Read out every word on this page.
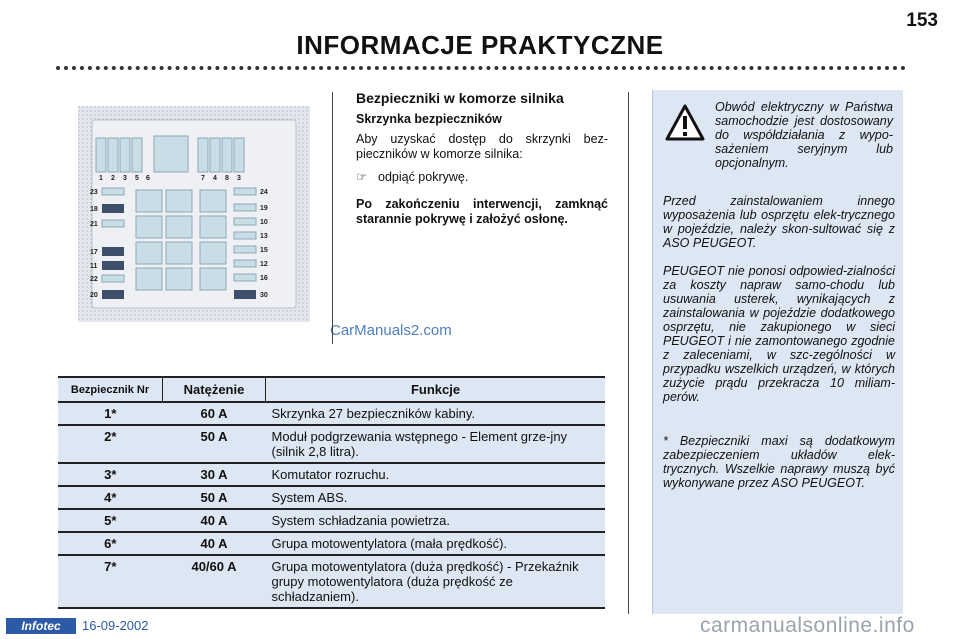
153
INFORMACJE PRAKTYCZNE
1 2 3 5 6	7 4 8 3
23
18
21
17
11
22
20
24
19
10
13
15
12
16
30
CarManuals2.com
Bezpieczniki w komorze silnika
Skrzynka bezpieczników
Aby uzyskać dostęp do skrzynki bez-pieczników w komorze silnika:
☞ odpiąć pokrywę.
Po zakończeniu interwencji, zamknąć starannie pokrywę i założyć osłonę.
Bezpiecznik Nr	Natężenie	Funkcje
1*	60 A	Skrzynka 27 bezpieczników kabiny.
2*	50 A	Moduł podgrzewania wstępnego - Element grze-jny (silnik 2,8 litra).
3*	30 A	Komutator rozruchu.
4*	50 A	System ABS.
5*	40 A	System schładzania powietrza.
6*	40 A	Grupa motowentylatora (mała prędkość).
7*	40/60 A	Grupa motowentylatora (duża prędkość) - Przekaźnik grupy motowentylatora (duża prędkość ze schładzaniem).
Obwód elektryczny w Państwa samochodzie jest dostosowany do współdziałania z wypo-sażeniem seryjnym lub opcjonalnym.
Przed zainstalowaniem innego wyposażenia lub osprzętu elek-trycznego w pojeździe, należy skon-sultować się z ASO PEUGEOT.
PEUGEOT nie ponosi odpowied-zialności za koszty napraw samo-chodu lub usuwania usterek, wynikających z zainstalowania w pojeździe dodatkowego osprzętu, nie zakupionego w sieci PEUGEOT i nie zamontowanego zgodnie z zaleceniami, w szc-zególności w przypadku wszelkich urządzeń, w których zużycie prądu przekracza 10 miliam-perów.
* Bezpieczniki maxi są dodatkowym zabezpieczeniem układów elek-trycznych. Wszelkie naprawy muszą być wykonywane przez ASO PEUGEOT.
carmanualsonline.info
Infotec	16-09-2002
